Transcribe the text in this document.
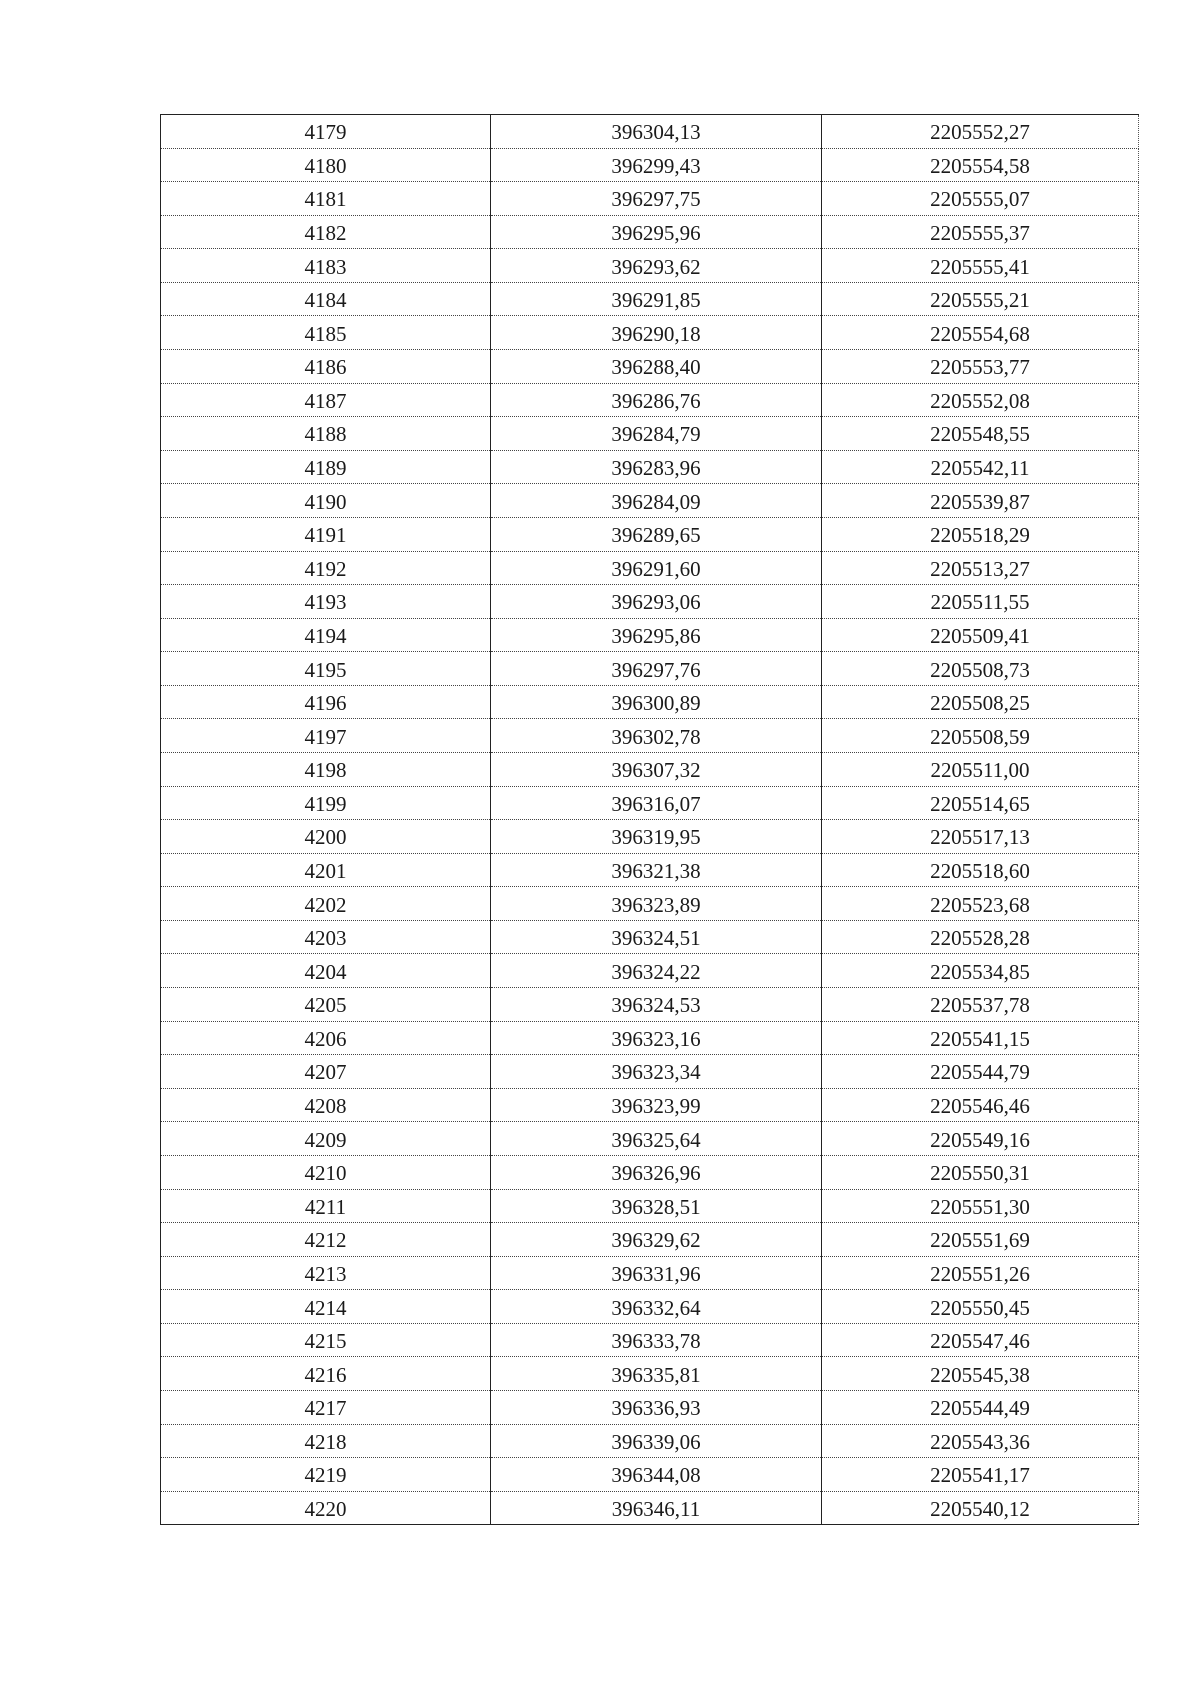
4179	396304,13	2205552,27
4180	396299,43	2205554,58
4181	396297,75	2205555,07
4182	396295,96	2205555,37
4183	396293,62	2205555,41
4184	396291,85	2205555,21
4185	396290,18	2205554,68
4186	396288,40	2205553,77
4187	396286,76	2205552,08
4188	396284,79	2205548,55
4189	396283,96	2205542,11
4190	396284,09	2205539,87
4191	396289,65	2205518,29
4192	396291,60	2205513,27
4193	396293,06	2205511,55
4194	396295,86	2205509,41
4195	396297,76	2205508,73
4196	396300,89	2205508,25
4197	396302,78	2205508,59
4198	396307,32	2205511,00
4199	396316,07	2205514,65
4200	396319,95	2205517,13
4201	396321,38	2205518,60
4202	396323,89	2205523,68
4203	396324,51	2205528,28
4204	396324,22	2205534,85
4205	396324,53	2205537,78
4206	396323,16	2205541,15
4207	396323,34	2205544,79
4208	396323,99	2205546,46
4209	396325,64	2205549,16
4210	396326,96	2205550,31
4211	396328,51	2205551,30
4212	396329,62	2205551,69
4213	396331,96	2205551,26
4214	396332,64	2205550,45
4215	396333,78	2205547,46
4216	396335,81	2205545,38
4217	396336,93	2205544,49
4218	396339,06	2205543,36
4219	396344,08	2205541,17
4220	396346,11	2205540,12
